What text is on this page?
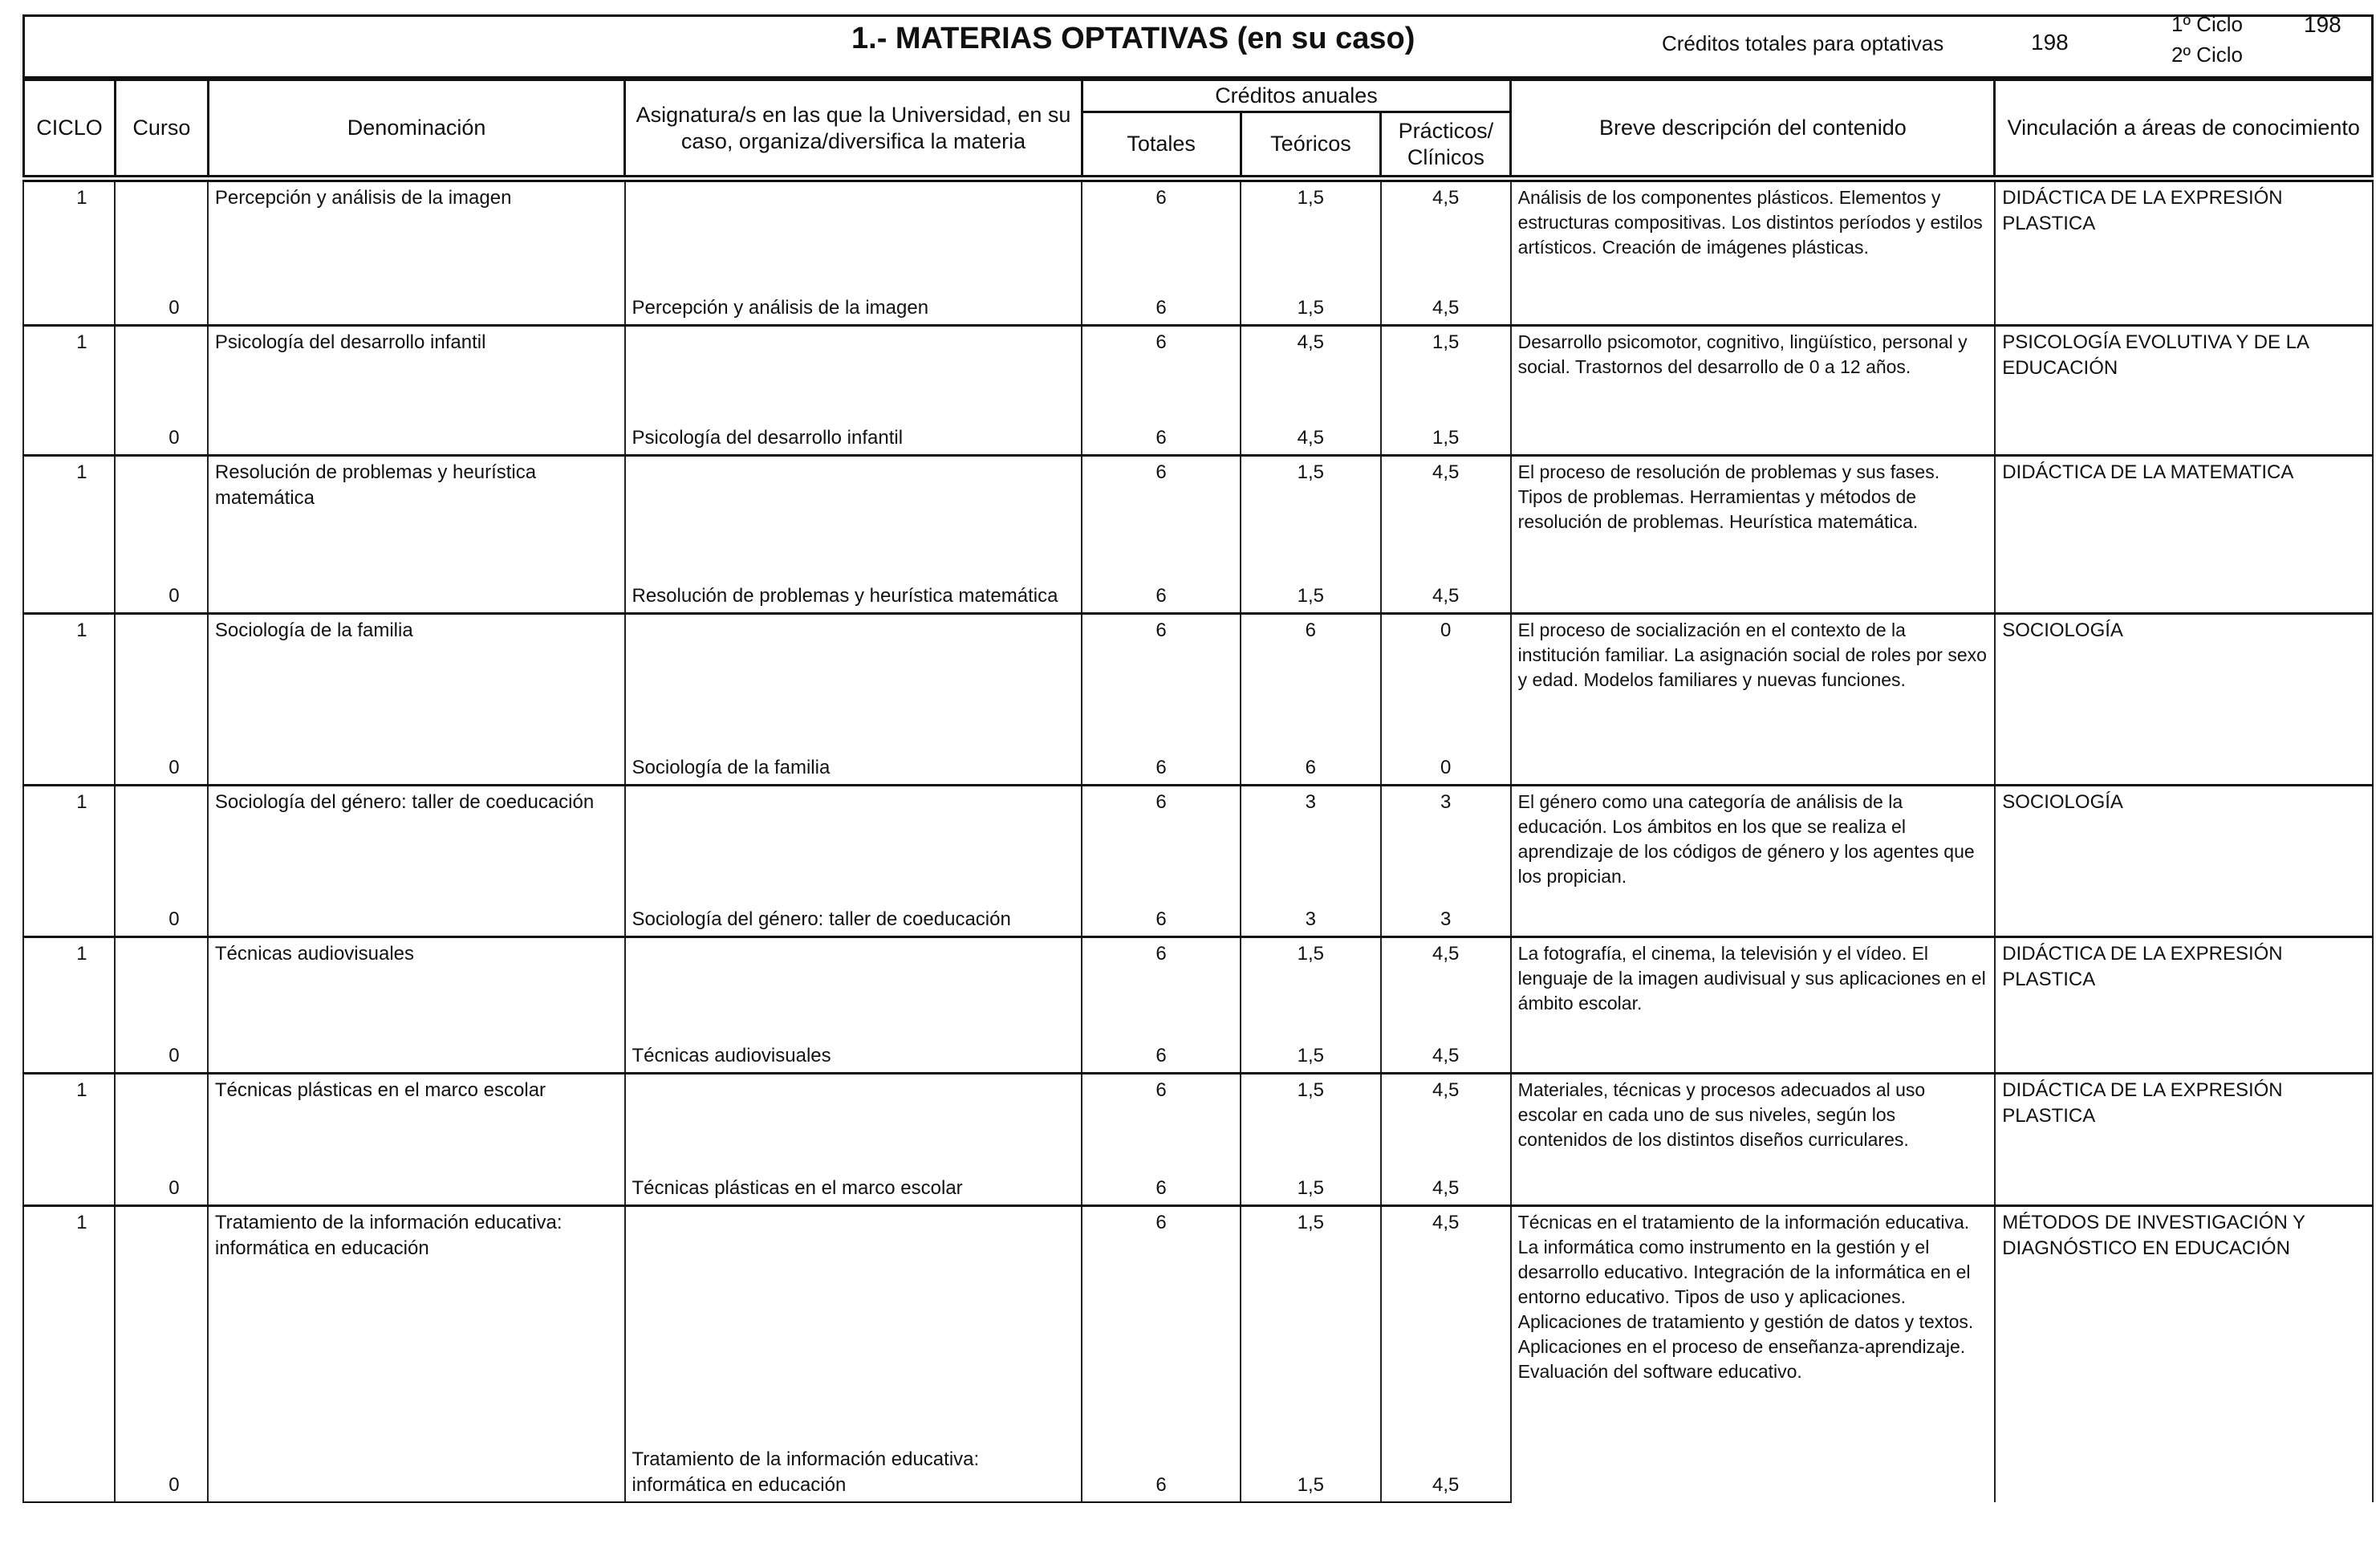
1.- MATERIAS OPTATIVAS (en su caso)	Créditos totales para optativas	198
1º Ciclo	198
2º Ciclo
CICLO	Curso	Denominación	Asignatura/s en las que la Universidad, en su caso, organiza/diversifica la materia	Créditos anuales			Breve descripción del contenido	Vinculación a áreas de conocimiento
				Totales	Teóricos	Prácticos/ Clínicos		
1		Percepción y análisis de la imagen		6	1,5	4,5	Análisis de los componentes plásticos. Elementos y estructuras compositivas. Los distintos períodos y estilos artísticos. Creación de imágenes plásticas.	DIDÁCTICA DE LA EXPRESIÓN PLASTICA
	0		Percepción y análisis de la imagen	6	1,5	4,5		
1		Psicología del desarrollo infantil		6	4,5	1,5	Desarrollo psicomotor, cognitivo, lingüístico, personal y social. Trastornos del desarrollo de 0 a 12 años.	PSICOLOGÍA EVOLUTIVA Y DE LA EDUCACIÓN
	0		Psicología del desarrollo infantil	6	4,5	1,5		
1		Resolución de problemas y heurística matemática		6	1,5	4,5	El proceso de resolución de problemas y sus fases. Tipos de problemas. Herramientas y métodos de resolución de problemas. Heurística matemática.	DIDÁCTICA DE LA MATEMATICA
	0		Resolución de problemas y heurística matemática	6	1,5	4,5		
1		Sociología de la familia		6	6	0	El proceso de socialización en el contexto de la institución familiar. La asignación social de roles por sexo y edad. Modelos familiares y nuevas funciones.	SOCIOLOGÍA
	0		Sociología de la familia	6	6	0		
1		Sociología del género: taller de coeducación		6	3	3	El género como una categoría de análisis de la educación. Los ámbitos en los que se realiza el aprendizaje de los códigos de género y los agentes que los propician.	SOCIOLOGÍA
	0		Sociología del género: taller de coeducación	6	3	3		
1		Técnicas audiovisuales		6	1,5	4,5	La fotografía, el cinema, la televisión y el vídeo. El lenguaje de la imagen audivisual y sus aplicaciones en el ámbito escolar.	DIDÁCTICA DE LA EXPRESIÓN PLASTICA
	0		Técnicas audiovisuales	6	1,5	4,5		
1		Técnicas plásticas en el marco escolar		6	1,5	4,5	Materiales, técnicas y procesos adecuados al uso escolar en cada uno de sus niveles, según los contenidos de los distintos diseños curriculares.	DIDÁCTICA DE LA EXPRESIÓN PLASTICA
	0		Técnicas plásticas en el marco escolar	6	1,5	4,5		
1		Tratamiento de la información educativa: informática en educación		6	1,5	4,5	Técnicas en el tratamiento de la información educativa. La informática como instrumento en la gestión y el desarrollo educativo. Integración de la informática en el entorno educativo. Tipos de uso y aplicaciones. Aplicaciones de tratamiento y gestión de datos y textos. Aplicaciones en el proceso de enseñanza-aprendizaje. Evaluación del software educativo.	MÉTODOS DE INVESTIGACIÓN Y DIAGNÓSTICO EN EDUCACIÓN
	0		Tratamiento de la información educativa: informática en educación	6	1,5	4,5		
